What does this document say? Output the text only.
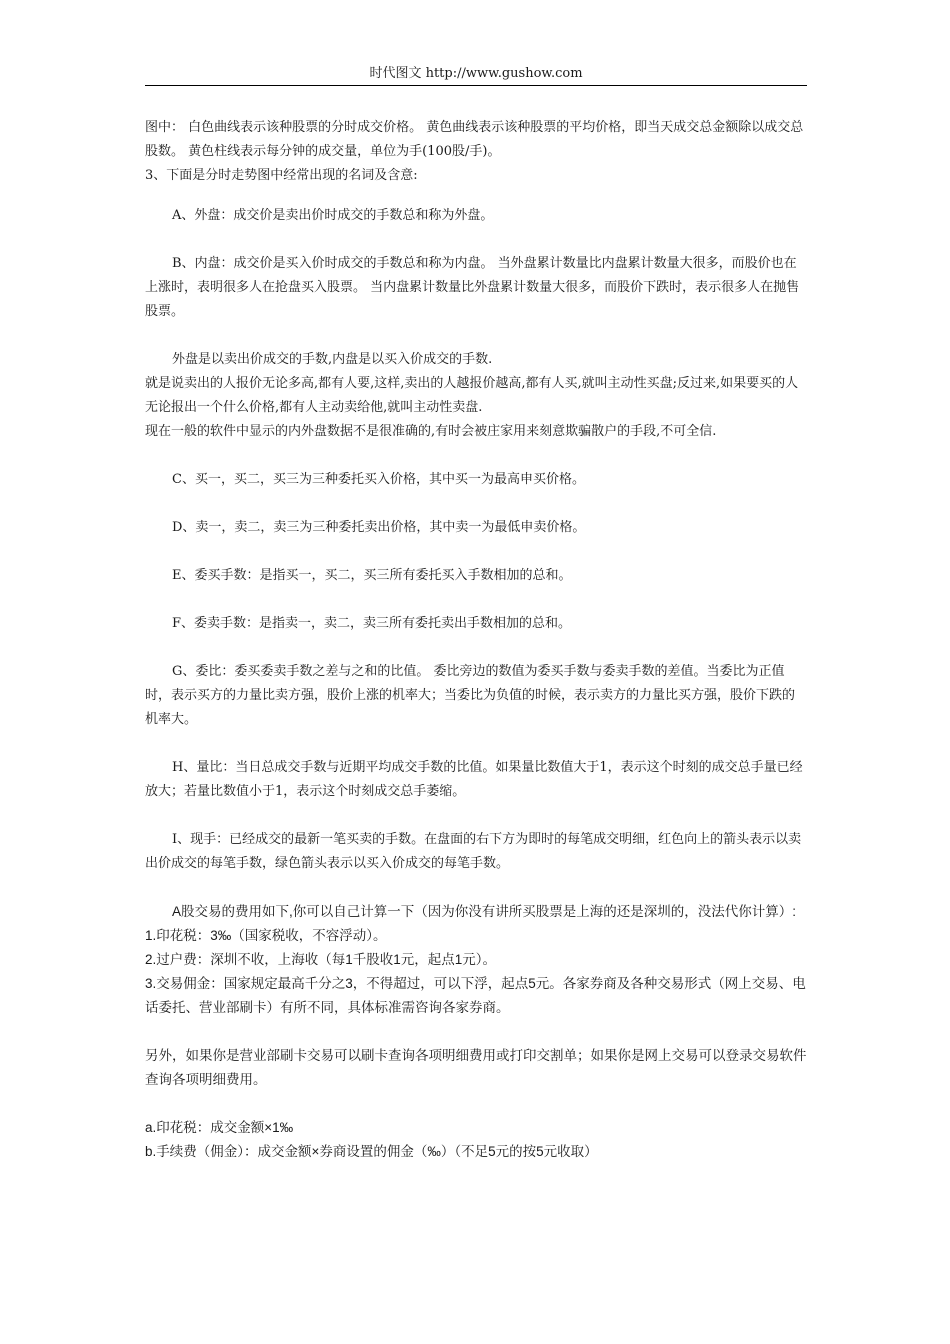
时代图文 http://www.gushow.com

图中： 白色曲线表示该种股票的分时成交价格。 黄色曲线表示该种股票的平均价格，即当天成交总金额除以成交总股数。 黄色柱线表示每分钟的成交量，单位为手(100股/手)。

3、下面是分时走势图中经常出现的名词及含意:

A、外盘：成交价是卖出价时成交的手数总和称为外盘。

B、内盘：成交价是买入价时成交的手数总和称为内盘。 当外盘累计数量比内盘累计数量大很多，而股价也在上涨时，表明很多人在抢盘买入股票。 当内盘累计数量比外盘累计数量大很多，而股价下跌时，表示很多人在抛售股票。

外盘是以卖出价成交的手数,内盘是以买入价成交的手数.

就是说卖出的人报价无论多高,都有人要,这样,卖出的人越报价越高,都有人买,就叫主动性买盘;反过来,如果要买的人无论报出一个什么价格,都有人主动卖给他,就叫主动性卖盘.

现在一般的软件中显示的内外盘数据不是很准确的,有时会被庄家用来刻意欺骗散户的手段,不可全信.

C、买一，买二，买三为三种委托买入价格，其中买一为最高申买价格。

D、卖一，卖二，卖三为三种委托卖出价格，其中卖一为最低申卖价格。

E、委买手数：是指买一，买二，买三所有委托买入手数相加的总和。

F、委卖手数：是指卖一，卖二，卖三所有委托卖出手数相加的总和。

G、委比：委买委卖手数之差与之和的比值。 委比旁边的数值为委买手数与委卖手数的差值。当委比为正值时，表示买方的力量比卖方强，股价上涨的机率大；当委比为负值的时候，表示卖方的力量比买方强，股价下跌的机率大。

H、量比：当日总成交手数与近期平均成交手数的比值。如果量比数值大于1，表示这个时刻的成交总手量已经放大；若量比数值小于1，表示这个时刻成交总手萎缩。

I、现手：已经成交的最新一笔买卖的手数。在盘面的右下方为即时的每笔成交明细，红色向上的箭头表示以卖出价成交的每笔手数，绿色箭头表示以买入价成交的每笔手数。

A股交易的费用如下,你可以自己计算一下（因为你没有讲所买股票是上海的还是深圳的，没法代你计算）:

1.印花税：3‰（国家税收，不容浮动）。

2.过户费：深圳不收，上海收（每1千股收1元，起点1元）。

3.交易佣金：国家规定最高千分之3，不得超过，可以下浮，起点5元。各家券商及各种交易形式（网上交易、电话委托、营业部刷卡）有所不同，具体标准需咨询各家券商。

另外，如果你是营业部刷卡交易可以刷卡查询各项明细费用或打印交割单；如果你是网上交易可以登录交易软件查询各项明细费用。

a.印花税：成交金额×1‰

b.手续费（佣金）：成交金额×券商设置的佣金（‰）（不足5元的按5元收取）
